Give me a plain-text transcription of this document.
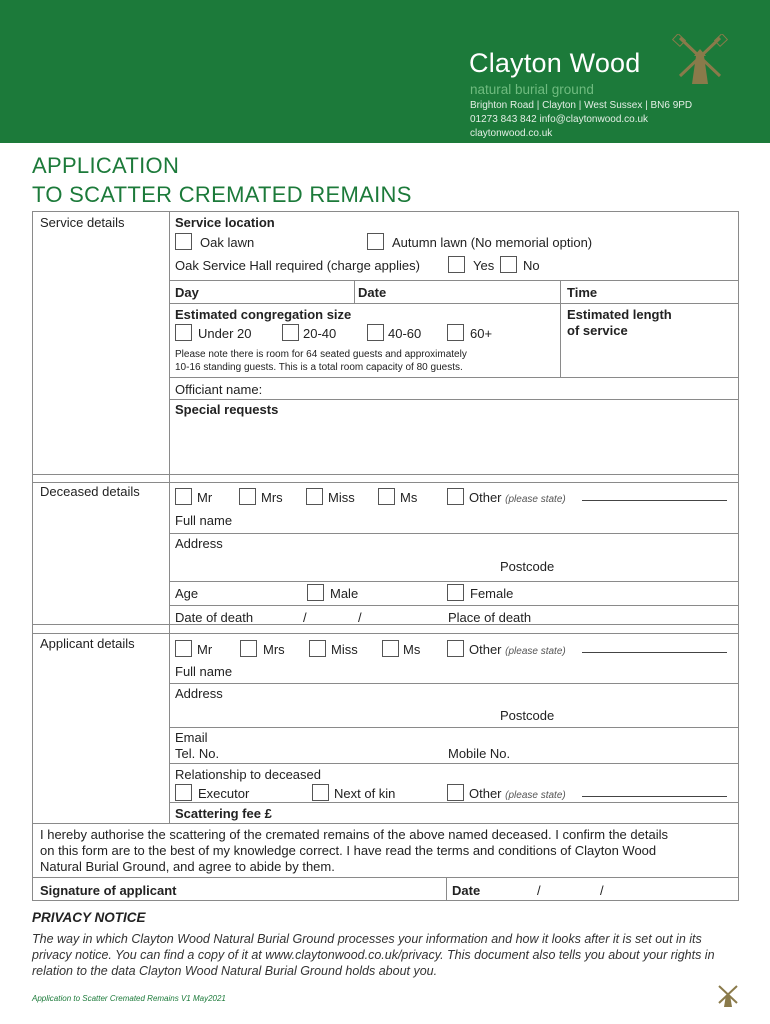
Clayton Wood
natural burial ground
Brighton Road | Clayton | West Sussex | BN6 9PD
01273 843 842 info@claytonwood.co.uk
claytonwood.co.uk
APPLICATION
TO SCATTER CREMATED REMAINS
Service details	Service location
Oak lawn	Autumn lawn (No memorial option)
Oak Service Hall required (charge applies)	Yes No
Day	Date	Time
Estimated congregation size	Estimated length
of service
Under 20	20-40	40-60	60+
Please note there is room for 64 seated guests and approximately
10-16 standing guests. This is a total room capacity of 80 guests.
Officiant name:
Special requests
Deceased details	Mr	Mrs	Miss	Ms	Other (please state)
Full name
Address
Postcode
Age	Male	Female
Date of death	/	/	Place of death
Applicant details	Mr	Mrs	Miss	Ms	Other (please state)
Full name
Address
Postcode
Email
Tel. No.	Mobile No.
Relationship to deceased
Executor	Next of kin	Other (please state)
Scattering fee £
I hereby authorise the scattering of the cremated remains of the above named deceased. I confirm the details
on this form are to the best of my knowledge correct. I have read the terms and conditions of Clayton Wood
Natural Burial Ground, and agree to abide by them.
Signature of applicant	Date	/	/
PRIVACY NOTICE
The way in which Clayton Wood Natural Burial Ground processes your information and how it looks after it is set out in its privacy notice. You can find a copy of it at www.claytonwood.co.uk/privacy. This document also tells you about your rights in relation to the data Clayton Wood Natural Burial Ground holds about you.
Application to Scatter Cremated Remains V1 May2021
